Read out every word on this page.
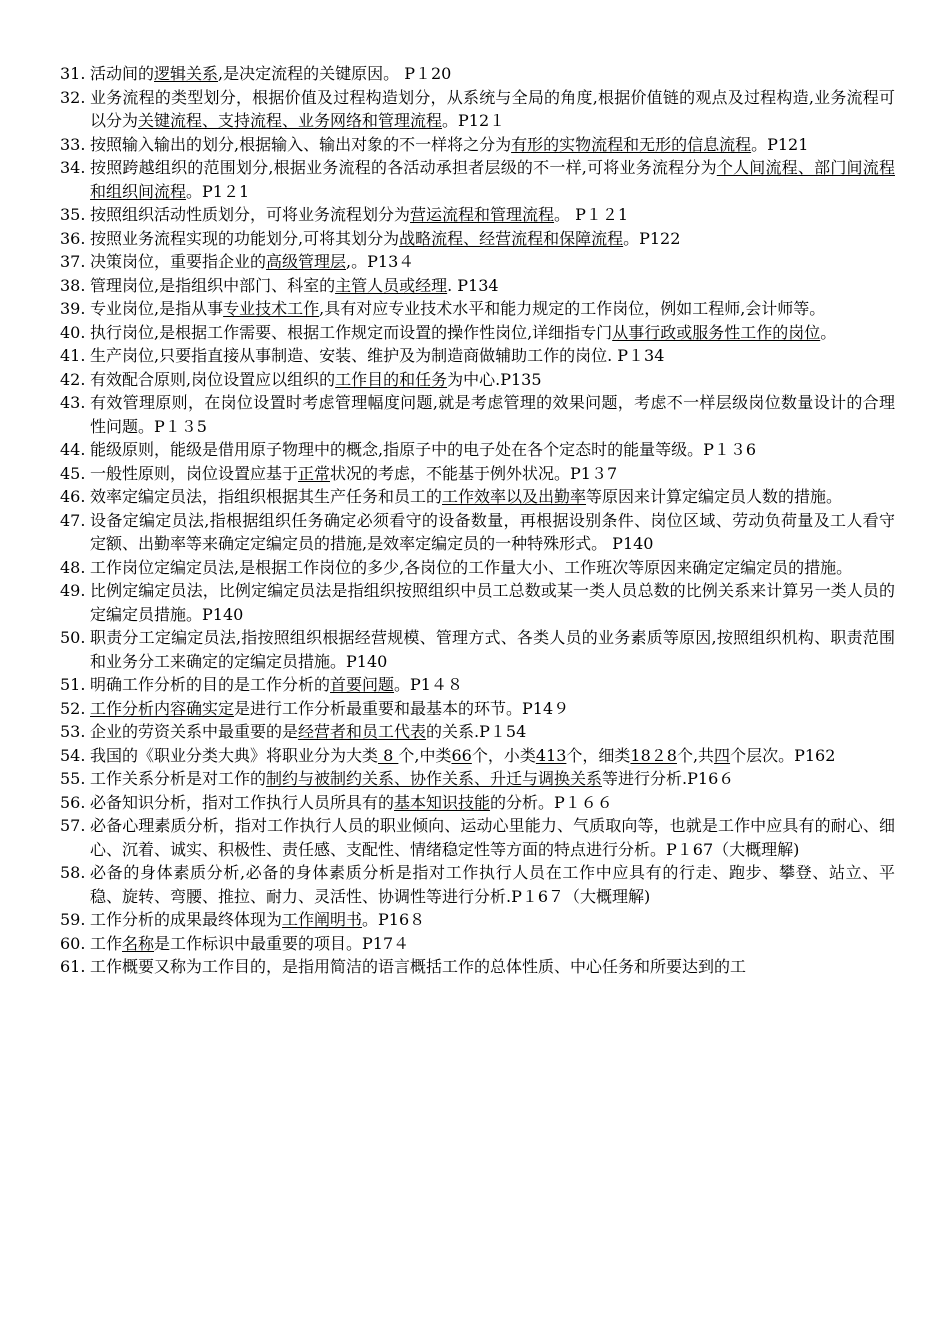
31. 活动间的逻辑关系,是决定流程的关键原因。 P１20
32. 业务流程的类型划分，根据价值及过程构造划分，从系统与全局的角度,根据价值链的观点及过程构造,业务流程可以分为关键流程、支持流程、业务网络和管理流程。P12１
33. 按照输入输出的划分,根据输入、输出对象的不一样将之分为有形的实物流程和无形的信息流程。P121
34. 按照跨越组织的范围划分,根据业务流程的各活动承担者层级的不一样,可将业务流程分为个人间流程、部门间流程和组织间流程。P1２1
35. 按照组织活动性质划分，可将业务流程划分为营运流程和管理流程。 P１２1
36. 按照业务流程实现的功能划分,可将其划分为战略流程、经营流程和保障流程。P122
37. 决策岗位，重要指企业的高级管理层,。P13４
38. 管理岗位,是指组织中部门、科室的主管人员或经理. P134
39. 专业岗位,是指从事专业技术工作,具有对应专业技术水平和能力规定的工作岗位，例如工程师,会计师等。
40. 执行岗位,是根据工作需要、根据工作规定而设置的操作性岗位,详细指专门从事行政或服务性工作的岗位。
41. 生产岗位,只要指直接从事制造、安装、维护及为制造商做辅助工作的岗位. P１34
42. 有效配合原则,岗位设置应以组织的工作目的和任务为中心.P135
43. 有效管理原则，在岗位设置时考虑管理幅度问题,就是考虑管理的效果问题，考虑不一样层级岗位数量设计的合理性问题。P１３5
44. 能级原则，能级是借用原子物理中的概念,指原子中的电子处在各个定态时的能量等级。P１３6
45. 一般性原则，岗位设置应基于正常状况的考虑，不能基于例外状况。P1３7
46. 效率定编定员法，指组织根据其生产任务和员工的工作效率以及出勤率等原因来计算定编定员人数的措施。
47. 设备定编定员法,指根据组织任务确定必须看守的设备数量，再根据设别条件、岗位区域、劳动负荷量及工人看守定额、出勤率等来确定定编定员的措施,是效率定编定员的一种特殊形式。 P140
48. 工作岗位定编定员法,是根据工作岗位的多少,各岗位的工作量大小、工作班次等原因来确定定编定员的措施。
49. 比例定编定员法，比例定编定员法是指组织按照组织中员工总数或某一类人员总数的比例关系来计算另一类人员的定编定员措施。P140
50. 职责分工定编定员法,指按照组织根据经营规模、管理方式、各类人员的业务素质等原因,按照组织机构、职责范围和业务分工来确定的定编定员措施。P140
51. 明确工作分析的目的是工作分析的首要问题。P1４８
52. 工作分析内容确实定是进行工作分析最重要和最基本的环节。P14９
53. 企业的劳资关系中最重要的是经营者和员工代表的关系.P１54
54. 我国的《职业分类大典》将职业分为大类 8 个,中类66个，小类413个，细类18２8个,共四个层次。P162
55. 工作关系分析是对工作的制约与被制约关系、协作关系、升迁与调换关系等进行分析.P16６
56. 必备知识分析，指对工作执行人员所具有的基本知识技能的分析。P１６６
57. 必备心理素质分析，指对工作执行人员的职业倾向、运动心里能力、气质取向等，也就是工作中应具有的耐心、细心、沉着、诚实、积极性、责任感、支配性、情绪稳定性等方面的特点进行分析。P１67（大概理解)
58. 必备的身体素质分析,必备的身体素质分析是指对工作执行人员在工作中应具有的行走、跑步、攀登、站立、平稳、旋转、弯腰、推拉、耐力、灵活性、协调性等进行分析.P１6７（大概理解)
59. 工作分析的成果最终体现为工作阐明书。P16８
60. 工作名称是工作标识中最重要的项目。P17４
61. 工作概要又称为工作目的，是指用简洁的语言概括工作的总体性质、中心任务和所要达到的工
